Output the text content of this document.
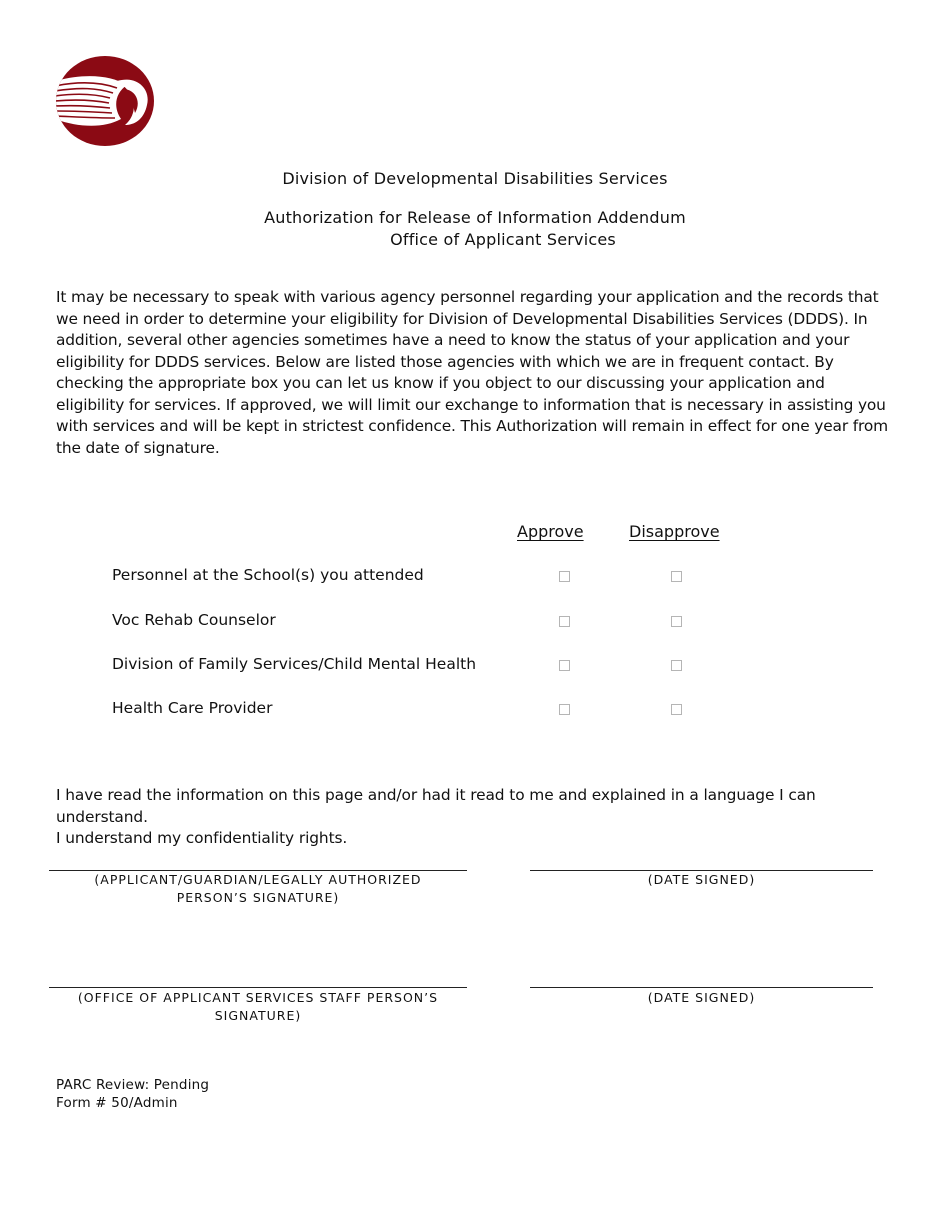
Division of Developmental Disabilities Services
Authorization for Release of Information Addendum
Office of Applicant Services
It may be necessary to speak with various agency personnel regarding your application and the records that we need in order to determine your eligibility for Division of Developmental Disabilities Services (DDDS). In addition, several other agencies sometimes have a need to know the status of your application and your eligibility for DDDS services. Below are listed those agencies with which we are in frequent contact. By checking the appropriate box you can let us know if you object to our discussing your application and eligibility for services. If approved, we will limit our exchange to information that is necessary in assisting you with services and will be kept in strictest confidence. This Authorization will remain in effect for one year from the date of signature.
Approve	Disapprove
Personnel at the School(s) you attended
Voc Rehab Counselor
Division of Family Services/Child Mental Health
Health Care Provider
I have read the information on this page and/or had it read to me and explained in a language I can understand.
I understand my confidentiality rights.
(APPLICANT/GUARDIAN/LEGALLY AUTHORIZED
PERSON’S SIGNATURE)
(DATE SIGNED)
(OFFICE OF APPLICANT SERVICES STAFF PERSON’S
SIGNATURE)
(DATE SIGNED)
PARC Review: Pending
Form # 50/Admin
